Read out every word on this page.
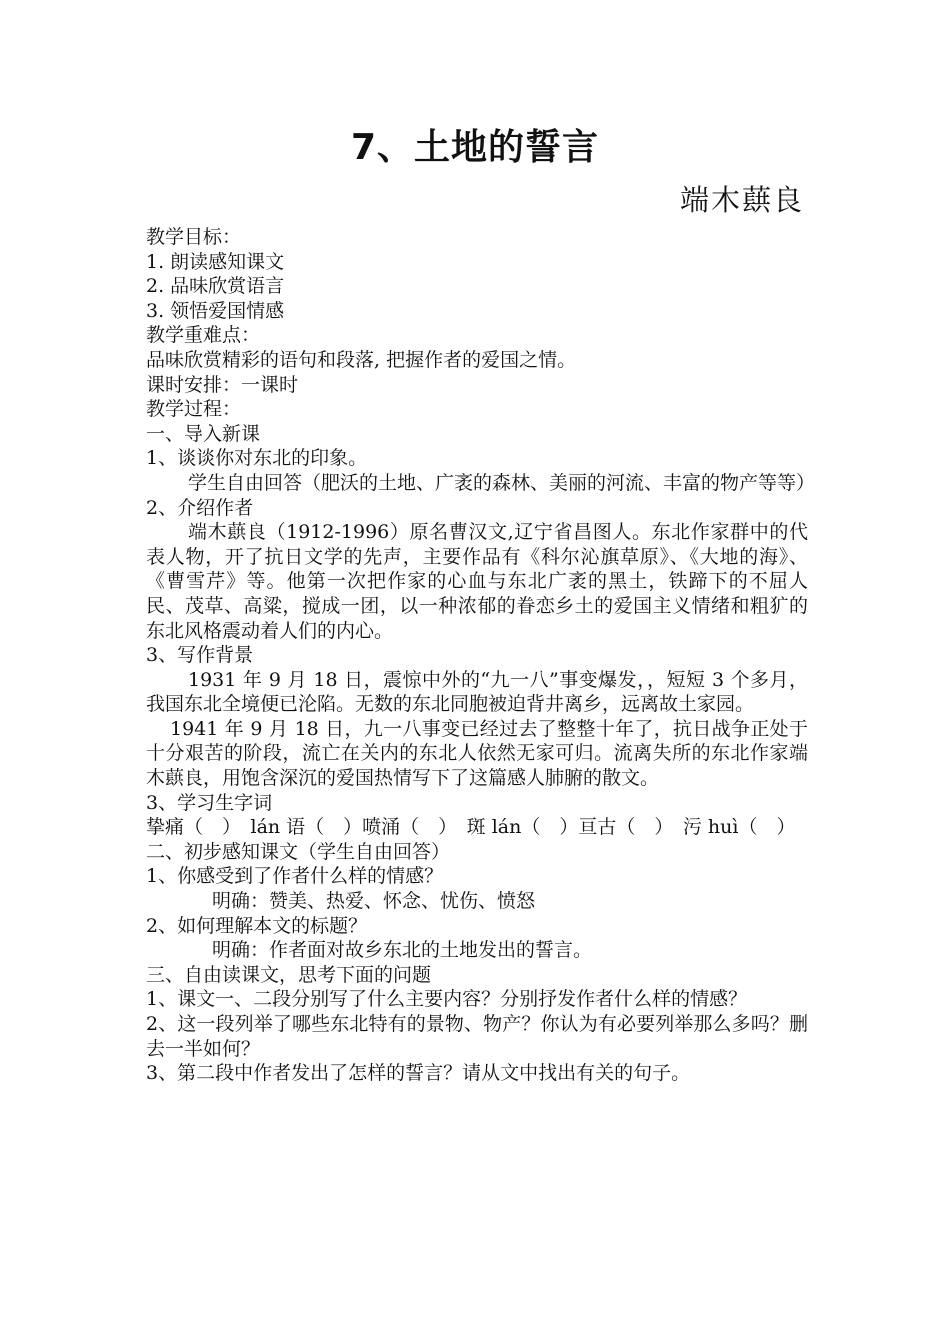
7、土地的誓言
端木蕻良

教学目标：

1. 朗读感知课文

2. 品味欣赏语言

3. 领悟爱国情感

教学重难点：

品味欣赏精彩的语句和段落, 把握作者的爱国之情。

课时安排：一课时

教学过程：

一、导入新课

1、谈谈你对东北的印象。

学生自由回答（肥沃的土地、广袤的森林、美丽的河流、丰富的物产等等）

2、介绍作者

端木蕻良（1912-1996）原名曹汉文,辽宁省昌图人。东北作家群中的代表人物，开了抗日文学的先声，主要作品有《科尔沁旗草原》、《大地的海》、《曹雪芹》等。他第一次把作家的心血与东北广袤的黑土，铁蹄下的不屈人民、茂草、高粱，搅成一团，以一种浓郁的眷恋乡土的爱国主义情绪和粗犷的东北风格震动着人们的内心。

3、写作背景

1931 年 9 月 18 日，震惊中外的“九一八”事变爆发，，短短 3 个多月，我国东北全境便已沦陷。无数的东北同胞被迫背井离乡，远离故土家园。

1941 年 9 月 18 日，九一八事变已经过去了整整十年了，抗日战争正处于十分艰苦的阶段，流亡在关内的东北人依然无家可归。流离失所的东北作家端木蕻良，用饱含深沉的爱国热情写下了这篇感人肺腑的散文。

3、学习生字词

挚痛（　）　lán 语（　）喷涌（　）　斑 lán（　）亘古（　）　污 huì（　）

二、初步感知课文（学生自由回答）

1、你感受到了作者什么样的情感？

明确：赞美、热爱、怀念、忧伤、愤怒

2、如何理解本文的标题？

明确：作者面对故乡东北的土地发出的誓言。

三、自由读课文，思考下面的问题

1、课文一、二段分别写了什么主要内容？分别抒发作者什么样的情感？

2、这一段列举了哪些东北特有的景物、物产？你认为有必要列举那么多吗？删去一半如何？

3、第二段中作者发出了怎样的誓言？请从文中找出有关的句子。
